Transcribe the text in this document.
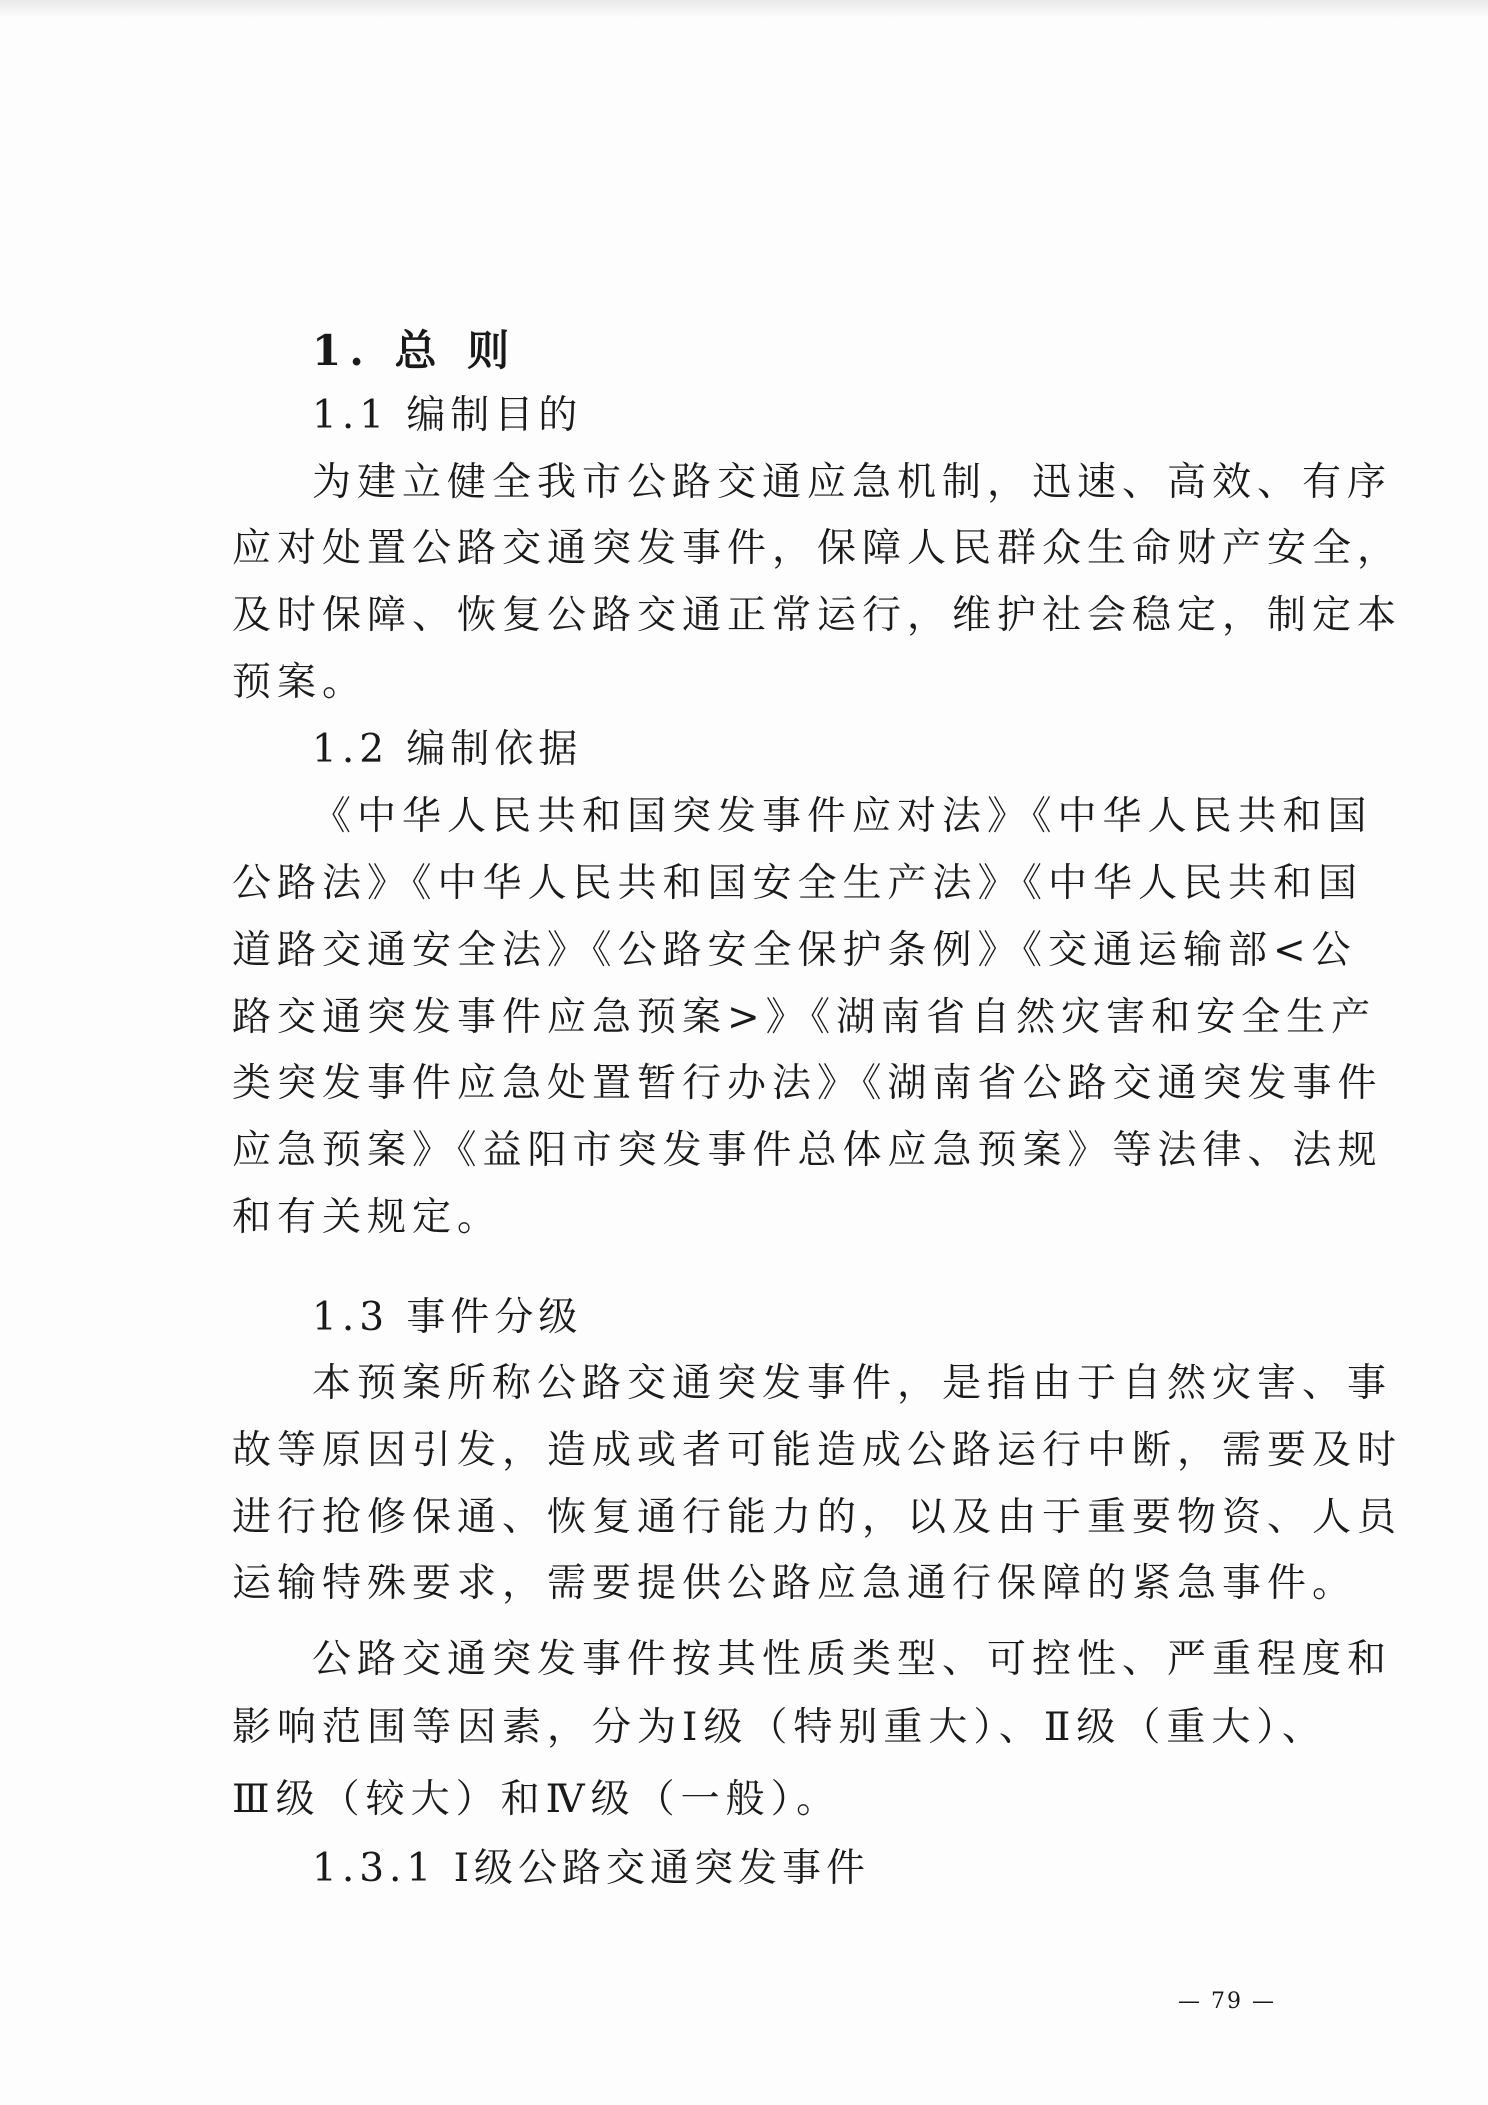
1. 总 则
1.1 编制目的
为建立健全我市公路交通应急机制，迅速、高效、有序
应对处置公路交通突发事件，保障人民群众生命财产安全，
及时保障、恢复公路交通正常运行，维护社会稳定，制定本
预案。
1.2 编制依据
《中华人民共和国突发事件应对法》《中华人民共和国
公路法》《中华人民共和国安全生产法》《中华人民共和国
道路交通安全法》《公路安全保护条例》《交通运输部<公
路交通突发事件应急预案>》《湖南省自然灾害和安全生产
类突发事件应急处置暂行办法》《湖南省公路交通突发事件
应急预案》《益阳市突发事件总体应急预案》等法律、法规
和有关规定。
1.3 事件分级
本预案所称公路交通突发事件，是指由于自然灾害、事
故等原因引发，造成或者可能造成公路运行中断，需要及时
进行抢修保通、恢复通行能力的，以及由于重要物资、人员
运输特殊要求，需要提供公路应急通行保障的紧急事件。
公路交通突发事件按其性质类型、可控性、严重程度和
影响范围等因素，分为Ⅰ级（特别重大）、Ⅱ级（重大）、
Ⅲ级（较大）和Ⅳ级（一般）。
1.3.1 Ⅰ级公路交通突发事件
— 79 —
